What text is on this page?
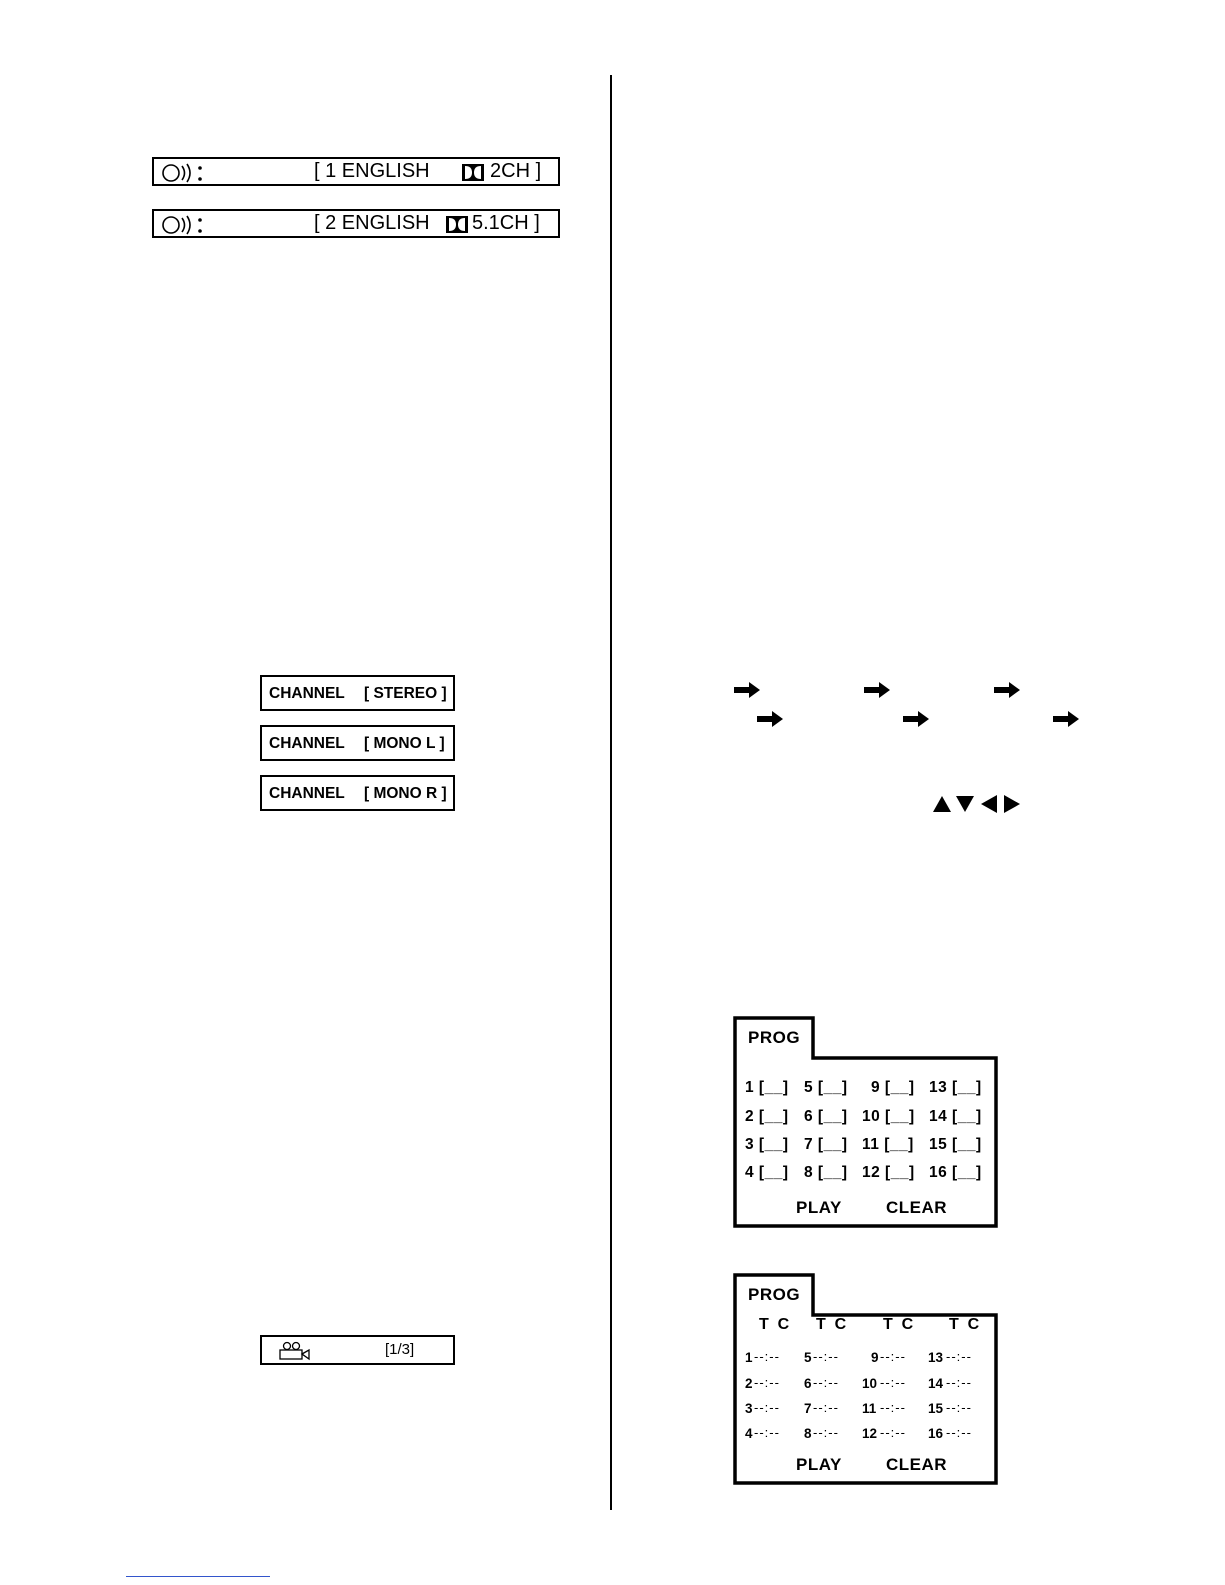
[ 1 ENGLISH	2CH ]
[ 2 ENGLISH 5.1CH ]
CHANNEL [ STEREO ]
CHANNEL [ MONO L ]
CHANNEL [ MONO R ]
[1/3]
PROG
1 [__] 5 [__] 9 [__] 13 [__]
2 [__] 6 [__] 10 [__] 14 [__]
3 [__] 7 [__] 11 [__] 15 [__]
4 [__] 8 [__] 12 [__] 16 [__]
PLAY	CLEAR
PROG
T  C T  C T  C T  C
1 --:-- 5 --:-- 9 --:-- 13 --:--
2 --:-- 6 --:-- 10 --:-- 14 --:--
3 --:-- 7 --:-- 11 --:-- 15 --:--
4 --:-- 8 --:-- 12 --:-- 16 --:--
PLAY	CLEAR
